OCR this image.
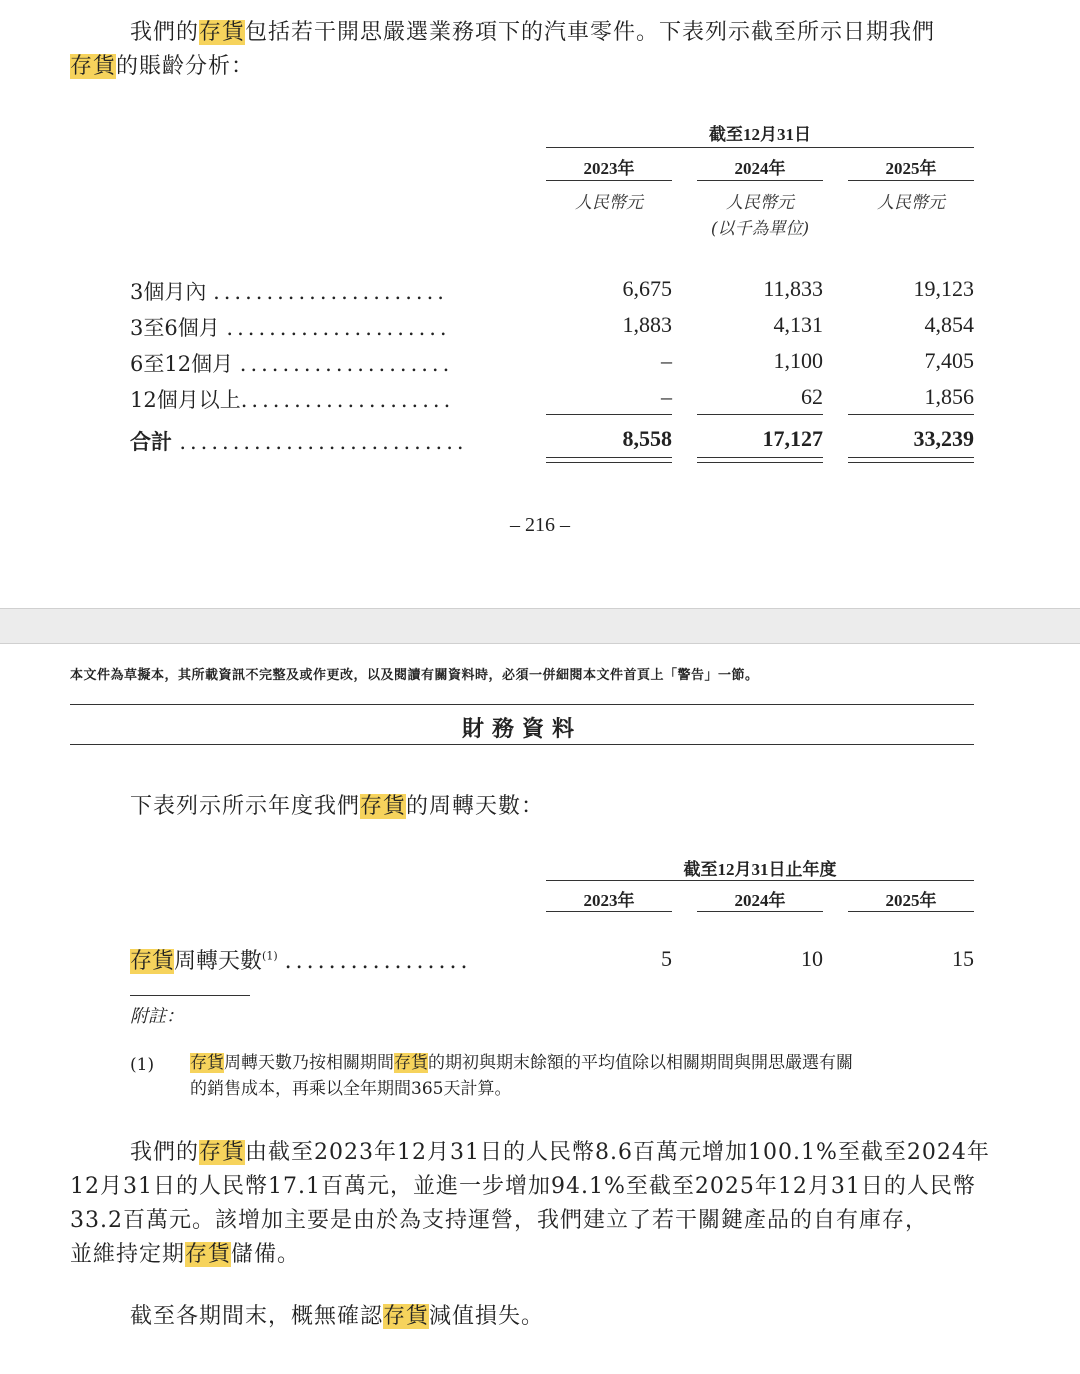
我們的存貨包括若干開思嚴選業務項下的汽車零件。下表列示截至所示日期我們
存貨的賬齡分析：
截至12月31日
2023年	2024年	2025年
人民幣元	人民幣元	人民幣元
(以千為單位)
3個月內 ......................	6,675	11,833	19,123
3至6個月 .....................	1,883	4,131	4,854
6至12個月 ....................	–	1,100	7,405
12個月以上....................	–	62	1,856
合計 ...........................	8,558	17,127	33,239
– 216 –
本文件為草擬本，其所載資訊不完整及或作更改，以及閱讀有關資料時，必須一併細閱本文件首頁上「警告」一節。
財務資料
下表列示所示年度我們存貨的周轉天數：
截至12月31日止年度
2023年	2024年	2025年
存貨周轉天數$^{(1)}$ .................	5	10	15
附註：
(1) 存貨周轉天數乃按相關期間存貨的期初與期末餘額的平均值除以相關期間與開思嚴選有關
的銷售成本，再乘以全年期間365天計算。
我們的存貨由截至2023年12月31日的人民幣8.6百萬元增加100.1%至截至2024年
12月31日的人民幣17.1百萬元，並進一步增加94.1%至截至2025年12月31日的人民幣
33.2百萬元。該增加主要是由於為支持運營，我們建立了若干關鍵產品的自有庫存，
並維持定期存貨儲備。
截至各期間末，概無確認存貨減值損失。
